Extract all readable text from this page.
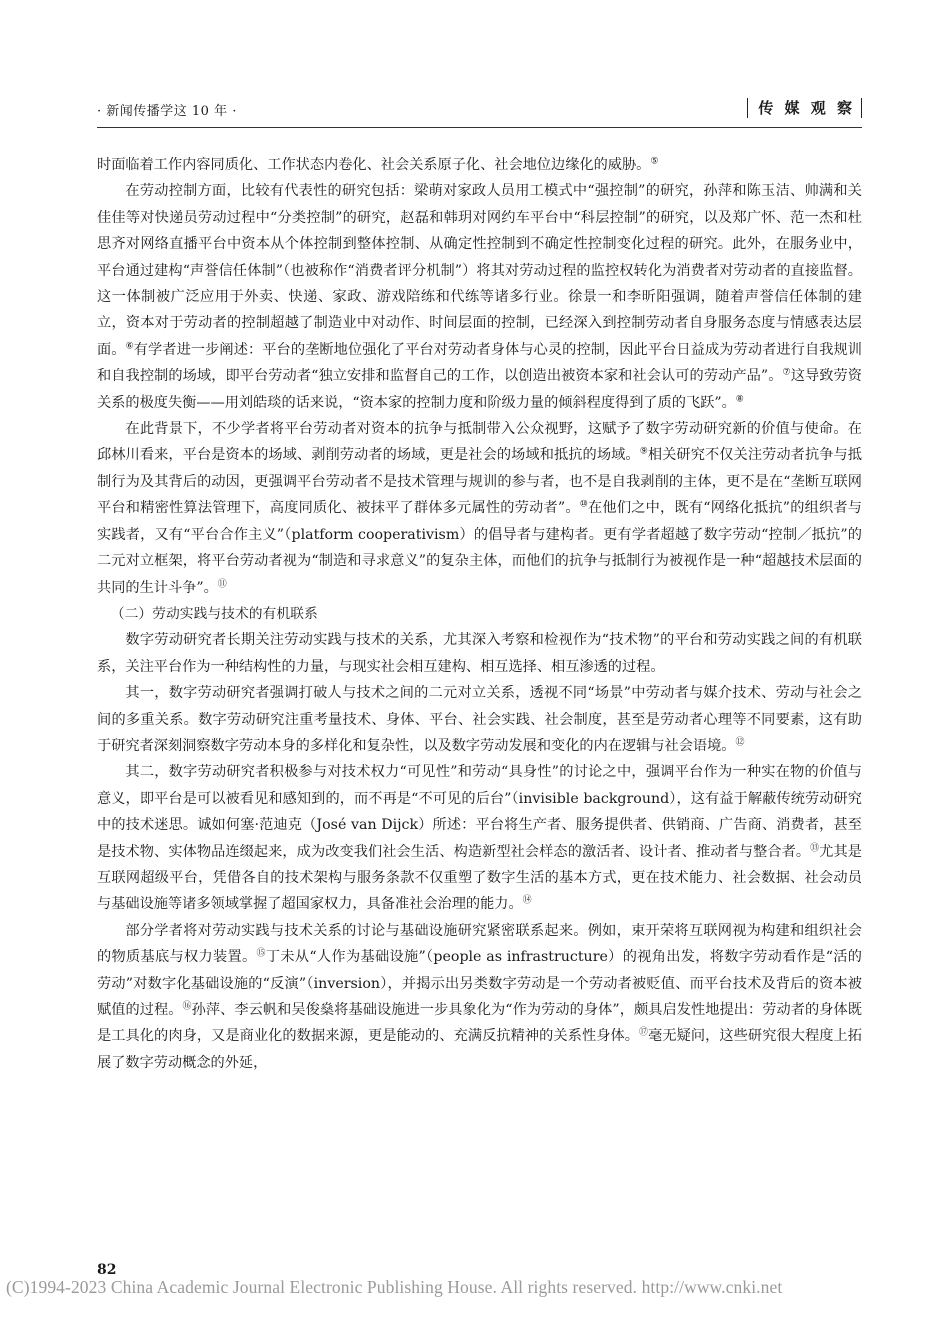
· 新闻传播学这 10 年 ·	传 媒 观 察

时面临着工作内容同质化、工作状态内卷化、社会关系原子化、社会地位边缘化的威胁。⑤

在劳动控制方面，比较有代表性的研究包括：梁萌对家政人员用工模式中“强控制”的研究，孙萍和陈玉洁、帅满和关佳佳等对快递员劳动过程中“分类控制”的研究，赵磊和韩玥对网约车平台中“科层控制”的研究，以及郑广怀、范一杰和杜思齐对网络直播平台中资本从个体控制到整体控制、从确定性控制到不确定性控制变化过程的研究。此外，在服务业中，平台通过建构“声誉信任体制”（也被称作“消费者评分机制”）将其对劳动过程的监控权转化为消费者对劳动者的直接监督。这一体制被广泛应用于外卖、快递、家政、游戏陪练和代练等诸多行业。徐景一和李昕阳强调，随着声誉信任体制的建立，资本对于劳动者的控制超越了制造业中对动作、时间层面的控制，已经深入到控制劳动者自身服务态度与情感表达层面。⑥有学者进一步阐述：平台的垄断地位强化了平台对劳动者身体与心灵的控制，因此平台日益成为劳动者进行自我规训和自我控制的场域，即平台劳动者“独立安排和监督自己的工作，以创造出被资本家和社会认可的劳动产品”。⑦这导致劳资关系的极度失衡——用刘皓琰的话来说，“资本家的控制力度和阶级力量的倾斜程度得到了质的飞跃”。⑧

在此背景下，不少学者将平台劳动者对资本的抗争与抵制带入公众视野，这赋予了数字劳动研究新的价值与使命。在邱林川看来，平台是资本的场域、剥削劳动者的场域，更是社会的场域和抵抗的场域。⑨相关研究不仅关注劳动者抗争与抵制行为及其背后的动因，更强调平台劳动者不是技术管理与规训的参与者，也不是自我剥削的主体，更不是在“垄断互联网平台和精密性算法管理下，高度同质化、被抹平了群体多元属性的劳动者”。⑩在他们之中，既有“网络化抵抗”的组织者与实践者，又有“平台合作主义”（platform cooperativism）的倡导者与建构者。更有学者超越了数字劳动“控制／抵抗”的二元对立框架，将平台劳动者视为“制造和寻求意义”的复杂主体，而他们的抗争与抵制行为被视作是一种“超越技术层面的共同的生计斗争”。⑪

（二）劳动实践与技术的有机联系

数字劳动研究者长期关注劳动实践与技术的关系，尤其深入考察和检视作为“技术物”的平台和劳动实践之间的有机联系，关注平台作为一种结构性的力量，与现实社会相互建构、相互选择、相互渗透的过程。

其一，数字劳动研究者强调打破人与技术之间的二元对立关系，透视不同“场景”中劳动者与媒介技术、劳动与社会之间的多重关系。数字劳动研究注重考量技术、身体、平台、社会实践、社会制度，甚至是劳动者心理等不同要素，这有助于研究者深刻洞察数字劳动本身的多样化和复杂性，以及数字劳动发展和变化的内在逻辑与社会语境。⑫

其二，数字劳动研究者积极参与对技术权力“可见性”和劳动“具身性”的讨论之中，强调平台作为一种实在物的价值与意义，即平台是可以被看见和感知到的，而不再是“不可见的后台”（invisible background），这有益于解蔽传统劳动研究中的技术迷思。诚如何塞·范迪克（José van Dijck）所述：平台将生产者、服务提供者、供销商、广告商、消费者，甚至是技术物、实体物品连缀起来，成为改变我们社会生活、构造新型社会样态的激活者、设计者、推动者与整合者。⑬尤其是互联网超级平台，凭借各自的技术架构与服务条款不仅重塑了数字生活的基本方式，更在技术能力、社会数据、社会动员与基础设施等诸多领域掌握了超国家权力，具备准社会治理的能力。⑭

部分学者将对劳动实践与技术关系的讨论与基础设施研究紧密联系起来。例如，束开荣将互联网视为构建和组织社会的物质基底与权力装置。⑮丁未从“人作为基础设施”（people as infrastructure）的视角出发，将数字劳动看作是“活的劳动”对数字化基础设施的“反演”（inversion），并揭示出另类数字劳动是一个劳动者被贬值、而平台技术及背后的资本被赋值的过程。⑯孙萍、李云帆和吴俊燊将基础设施进一步具象化为“作为劳动的身体”，颇具启发性地提出：劳动者的身体既是工具化的肉身，又是商业化的数据来源，更是能动的、充满反抗精神的关系性身体。⑰毫无疑问，这些研究很大程度上拓展了数字劳动概念的外延，

82
(C)1994-2023 China Academic Journal Electronic Publishing House. All rights reserved. http://www.cnki.net
